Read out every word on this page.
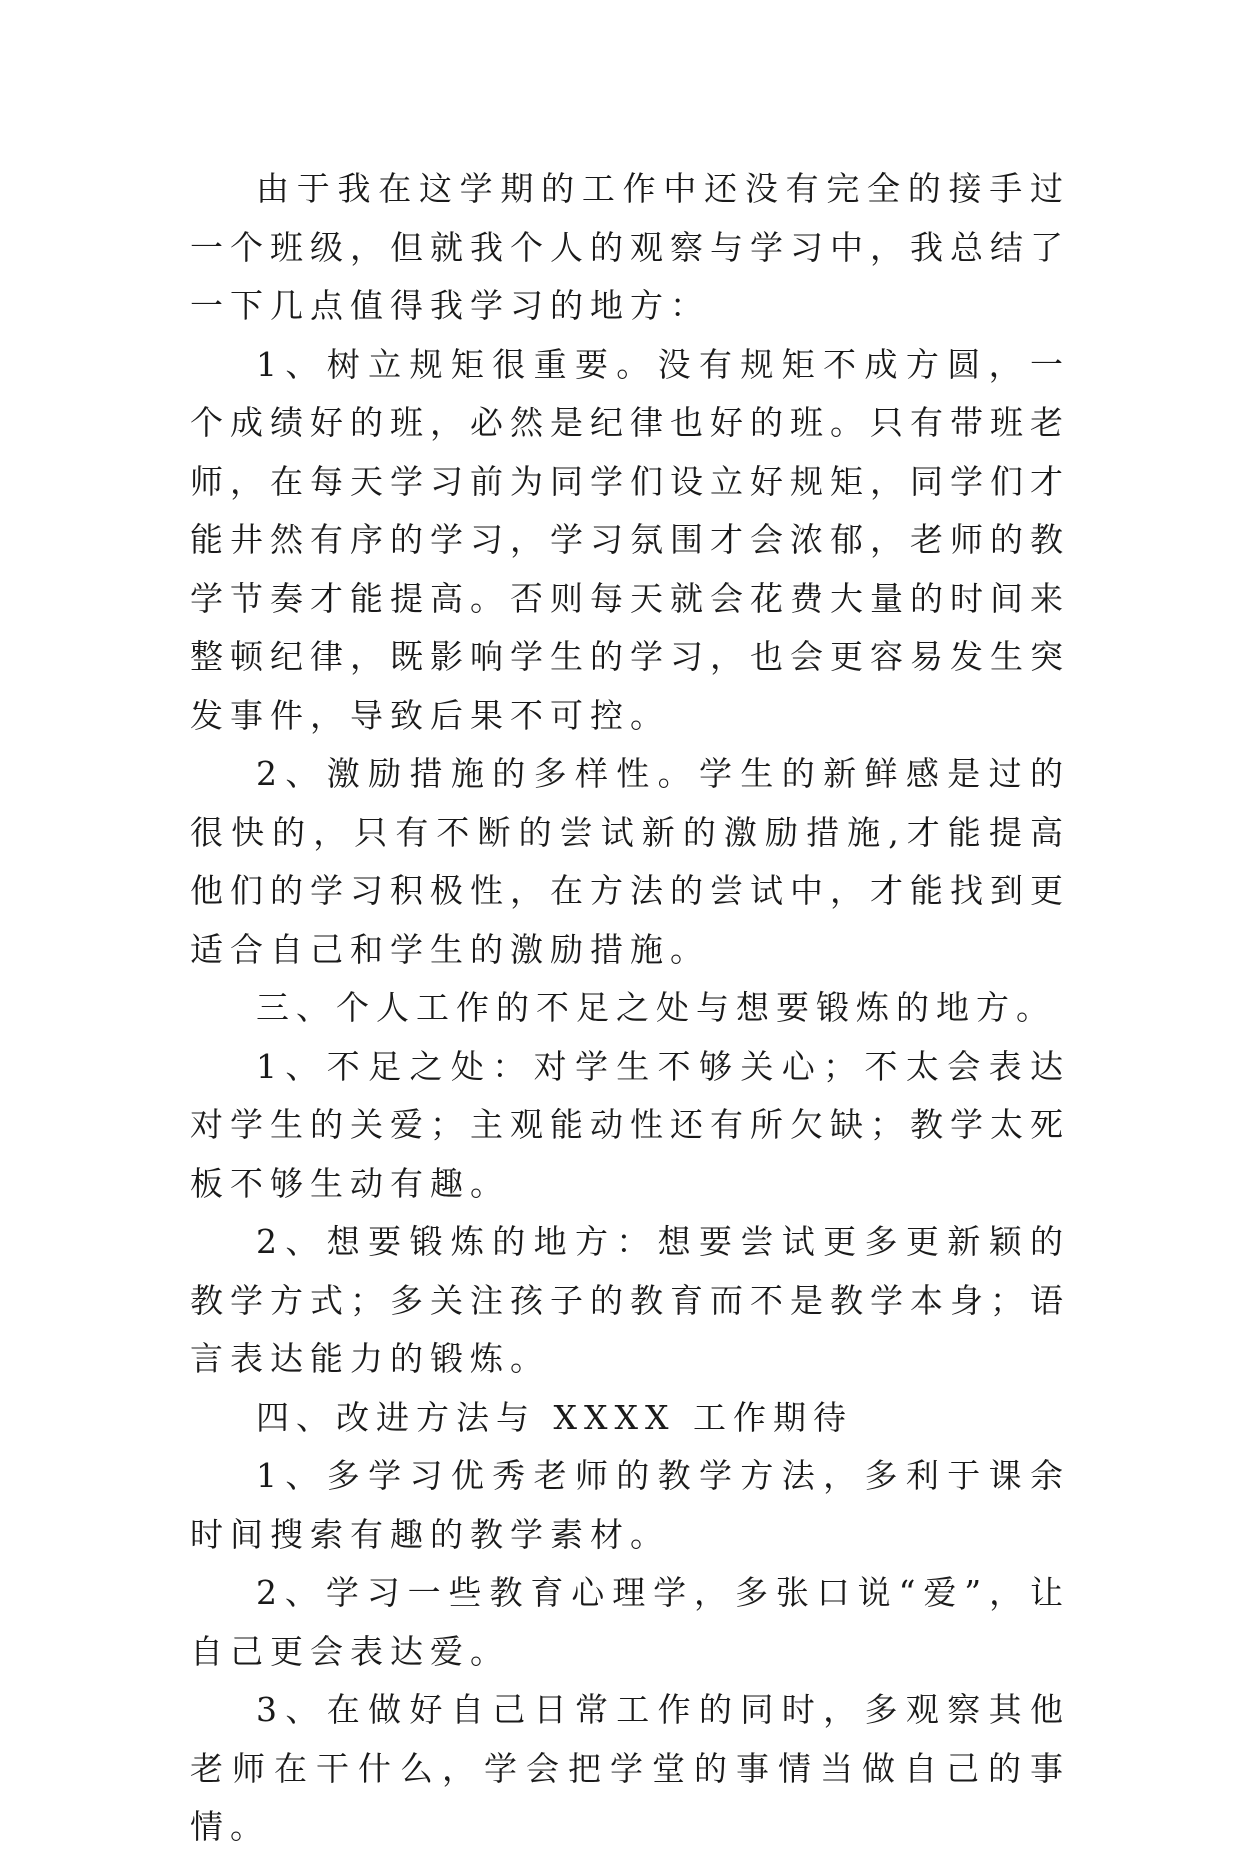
由于我在这学期的工作中还没有完全的接手过一个班级，但就我个人的观察与学习中，我总结了一下几点值得我学习的地方：

1、树立规矩很重要。没有规矩不成方圆，一个成绩好的班，必然是纪律也好的班。只有带班老师，在每天学习前为同学们设立好规矩，同学们才能井然有序的学习，学习氛围才会浓郁，老师的教学节奏才能提高。否则每天就会花费大量的时间来整顿纪律，既影响学生的学习，也会更容易发生突发事件，导致后果不可控。

2、激励措施的多样性。学生的新鲜感是过的很快的，只有不断的尝试新的激励措施,才能提高他们的学习积极性，在方法的尝试中，才能找到更适合自己和学生的激励措施。

三、个人工作的不足之处与想要锻炼的地方。

1、不足之处：对学生不够关心；不太会表达对学生的关爱；主观能动性还有所欠缺；教学太死板不够生动有趣。

2、想要锻炼的地方：想要尝试更多更新颖的教学方式；多关注孩子的教育而不是教学本身；语言表达能力的锻炼。

四、改进方法与 XXXX 工作期待

1、多学习优秀老师的教学方法，多利于课余时间搜索有趣的教学素材。

2、学习一些教育心理学，多张口说“爱”，让自己更会表达爱。

3、在做好自己日常工作的同时，多观察其他老师在干什么，学会把学堂的事情当做自己的事情。
